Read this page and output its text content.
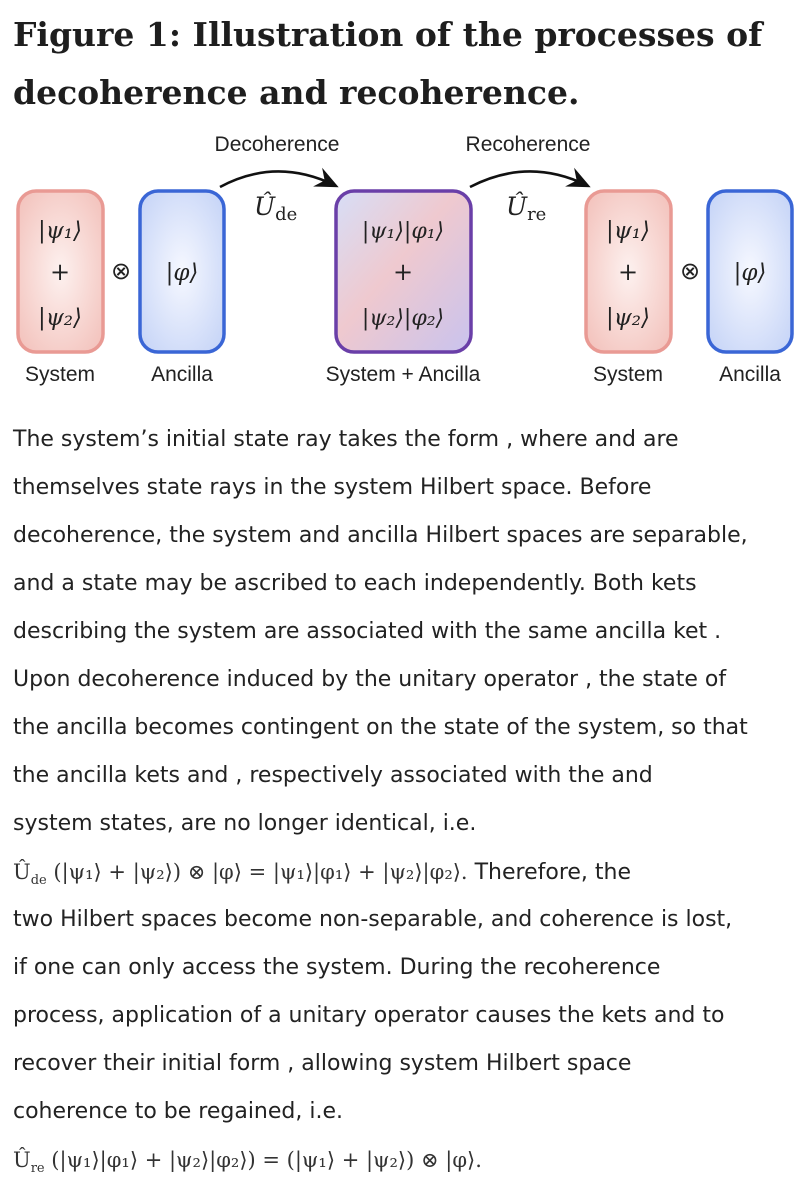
Figure 1: Illustration of the processes of
decoherence and recoherence.
Decoherence	Recoherence
$Û_{de}$	$Û_{re}$
|ψ₁⟩
+
|ψ₂⟩
⊗ |φ⟩
|ψ₁⟩|φ₁⟩
+
|ψ₂⟩|φ₂⟩
|ψ₁⟩
+
|ψ₂⟩
⊗ |φ⟩
System	Ancilla	System + Ancilla	System	Ancilla
The system’s initial state ray takes the form , where and are
themselves state rays in the system Hilbert space. Before
decoherence, the system and ancilla Hilbert spaces are separable,
and a state may be ascribed to each independently. Both kets
describing the system are associated with the same ancilla ket .
Upon decoherence induced by the unitary operator , the state of
the ancilla becomes contingent on the state of the system, so that
the ancilla kets and , respectively associated with the and
system states, are no longer identical, i.e.
$Û_{de}$ (|ψ₁⟩ + |ψ₂⟩) ⊗ |φ⟩ = |ψ₁⟩|φ₁⟩ + |ψ₂⟩|φ₂⟩. Therefore, the
two Hilbert spaces become non-separable, and coherence is lost,
if one can only access the system. During the recoherence
process, application of a unitary operator causes the kets and to
recover their initial form , allowing system Hilbert space
coherence to be regained, i.e.
$Û_{re}$ (|ψ₁⟩|φ₁⟩ + |ψ₂⟩|φ₂⟩) = (|ψ₁⟩ + |ψ₂⟩) ⊗ |φ⟩.
